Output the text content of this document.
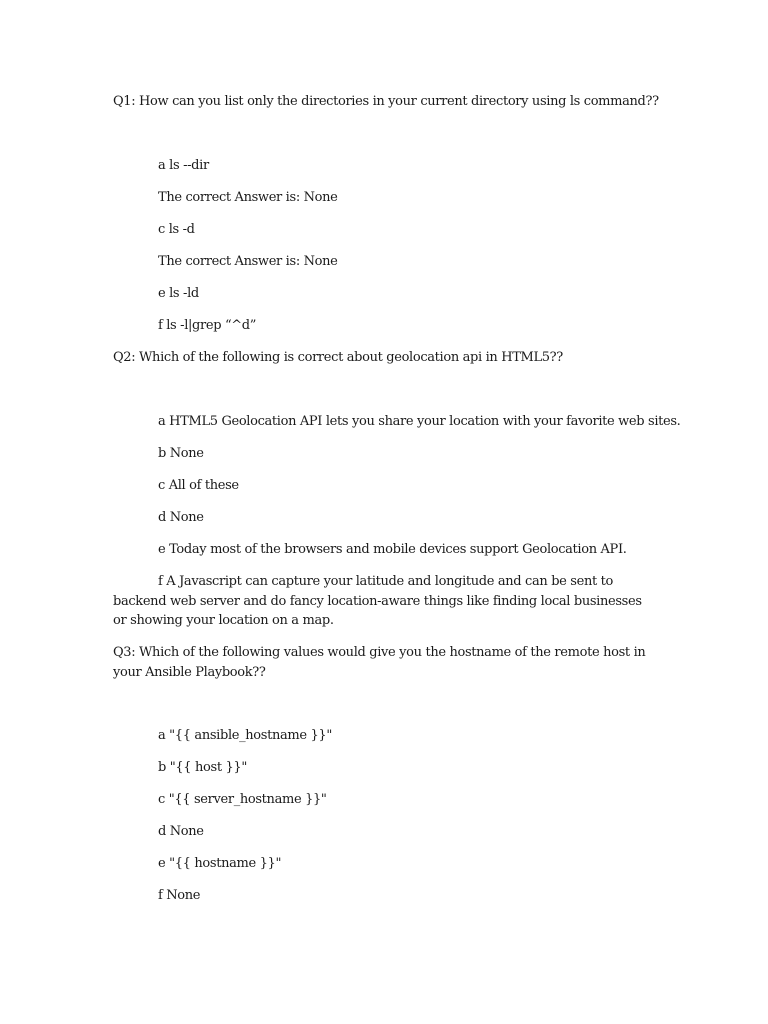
Q1: How can you list only the directories in your current directory using ls command??
a ls --dir
The correct Answer is: None
c ls -d
The correct Answer is: None
e ls -ld
f ls -l|grep “^d”
Q2: Which of the following is correct about geolocation api in HTML5??
a HTML5 Geolocation API lets you share your location with your favorite web sites.
b None
c All of these
d None
e Today most of the browsers and mobile devices support Geolocation API.
f A Javascript can capture your latitude and longitude and can be sent to backend web server and do fancy location-aware things like finding local businesses or showing your location on a map.
Q3: Which of the following values would give you the hostname of the remote host in your Ansible Playbook??
a "{{ ansible_hostname }}"
b "{{ host }}"
c "{{ server_hostname }}"
d None
e "{{ hostname }}"
f None
